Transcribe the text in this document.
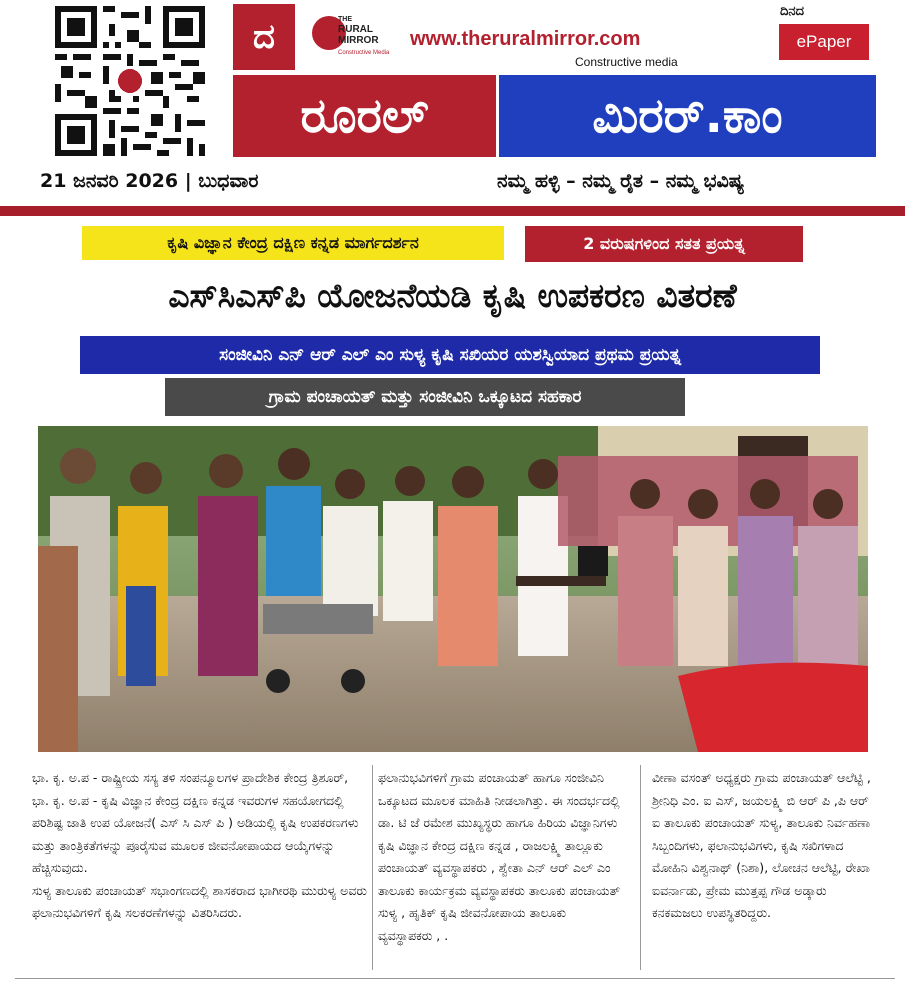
ದ	THE
RURAL
MIRROR
Constructive Media
www.theruralmirror.com
Constructive media
ದಿನದ
ePaper
ರೂರಲ್	ಮಿರರ್.ಕಾಂ
21 ಜನವರಿ 2026 | ಬುಧವಾರ	ನಮ್ಮ ಹಳ್ಳಿ – ನಮ್ಮ ರೈತ – ನಮ್ಮ ಭವಿಷ್ಯ
ಕೃಷಿ ವಿಜ್ಞಾನ ಕೇಂದ್ರ ದಕ್ಷಿಣ ಕನ್ನಡ ಮಾರ್ಗದರ್ಶನ	2 ವರುಷಗಳಿಂದ ಸತತ ಪ್ರಯತ್ನ
ಎಸ್‌ಸಿಎಸ್‌ಪಿ ಯೋಜನೆಯಡಿ ಕೃಷಿ ಉಪಕರಣ ವಿತರಣೆ
ಸಂಜೀವಿನಿ ಎನ್ ಆರ್ ಎಲ್ ಎಂ ಸುಳ್ಯ ಕೃಷಿ ಸಖಿಯರ ಯಶಸ್ವಿಯಾದ ಪ್ರಥಮ ಪ್ರಯತ್ನ
ಗ್ರಾಮ ಪಂಚಾಯತ್ ಮತ್ತು ಸಂಜೀವಿನಿ ಒಕ್ಕೂಟದ ಸಹಕಾರ

ಭಾ. ಕೃ. ಅ.ಪ - ರಾಷ್ಟ್ರೀಯ ಸಸ್ಯ ತಳಿ ಸಂಪನ್ಮೂಲಗಳ ಪ್ರಾದೇಶಿಕ ಕೇಂದ್ರ ತ್ರಿಶೂರ್, ಭಾ. ಕೃ. ಅ.ಪ - ಕೃಷಿ ವಿಜ್ಞಾನ ಕೇಂದ್ರ ದಕ್ಷಿಣ ಕನ್ನಡ ಇವರುಗಳ ಸಹಯೋಗದಲ್ಲಿ ಪರಿಶಿಷ್ಟ ಜಾತಿ ಉಪ ಯೋಜನೆ( ಎಸ್ ಸಿ ಎಸ್ ಪಿ ) ಅಡಿಯಲ್ಲಿ ಕೃಷಿ ಉಪಕರಣಗಳು ಮತ್ತು ತಾಂತ್ರಿಕತೆಗಳನ್ನು ಪೂರೈಸುವ ಮೂಲಕ ಜೀವನೋಪಾಯದ ಆಯ್ಕೆಗಳನ್ನು ಹೆಚ್ಚಿಸುವುದು.

ಸುಳ್ಯ ತಾಲೂಕು ಪಂಚಾಯತ್ ಸಭಾಂಗಣದಲ್ಲಿ ಶಾಸಕರಾದ ಭಾಗೀರಥಿ ಮುರುಳ್ಯ ಅವರು ಫಲಾನುಭವಿಗಳಿಗೆ ಕೃಷಿ ಸಲಕರಣೆಗಳನ್ನು ವಿತರಿಸಿದರು.

ಫಲಾನುಭವಿಗಳಿಗೆ ಗ್ರಾಮ ಪಂಚಾಯತ್ ಹಾಗೂ ಸಂಜೀವಿನಿ ಒಕ್ಕೂಟದ ಮೂಲಕ ಮಾಹಿತಿ ನೀಡಲಾಗಿತ್ತು. ಈ ಸಂದರ್ಭದಲ್ಲಿ ಡಾ. ಟಿ ಜೆ ರಮೇಶ ಮುಖ್ಯಸ್ಥರು ಹಾಗೂ ಹಿರಿಯ ವಿಜ್ಞಾನಿಗಳು ಕೃಷಿ ವಿಜ್ಞಾನ ಕೇಂದ್ರ ದಕ್ಷಿಣ ಕನ್ನಡ , ರಾಜಲಕ್ಷ್ಮಿ ತಾಲ್ಲೂಕು ಪಂಚಾಯತ್ ವ್ಯವಸ್ಥಾಪಕರು , ಶ್ವೇತಾ ಎನ್ ಆರ್ ಎಲ್ ಎಂ ತಾಲೂಕು ಕಾರ್ಯಕ್ರಮ ವ್ಯವಸ್ಥಾಪಕರು ತಾಲೂಕು ಪಂಚಾಯತ್ ಸುಳ್ಯ , ಹೃತಿಕ್ ಕೃಷಿ ಜೀವನೋಪಾಯ ತಾಲೂಕು ವ್ಯವಸ್ಥಾಪಕರು , .

ವೀಣಾ ವಸಂತ್ ಅಧ್ಯಕ್ಷರು ಗ್ರಾಮ ಪಂಚಾಯತ್ ಆಲೆಟ್ಟಿ , ಶ್ರೀನಿಧಿ ಎಂ. ಐ ಎಸ್, ಜಯಲಕ್ಷ್ಮಿ ಬಿ ಆರ್ ಪಿ ,ಪಿ ಆರ್ ಐ ತಾಲೂಕು ಪಂಚಾಯತ್ ಸುಳ್ಯ, ತಾಲೂಕು ನಿರ್ವಹಣಾ ಸಿಬ್ಬಂದಿಗಳು, ಫಲಾನುಭವಿಗಳು, ಕೃಷಿ ಸಖಿಗಳಾದ ಮೋಹಿನಿ ವಿಶ್ವನಾಥ್ (ನಿಶಾ), ಲೋಚನ ಆಲೆಟ್ಟಿ, ರೇಖಾ ಐವರ್ನಾಡು, ಪ್ರೇಮ ಮುತ್ತಪ್ಪ ಗೌಡ ಅಡ್ಕಾರು ಕನಕಮಜಲು ಉಪಸ್ಥಿತರಿದ್ದರು.
